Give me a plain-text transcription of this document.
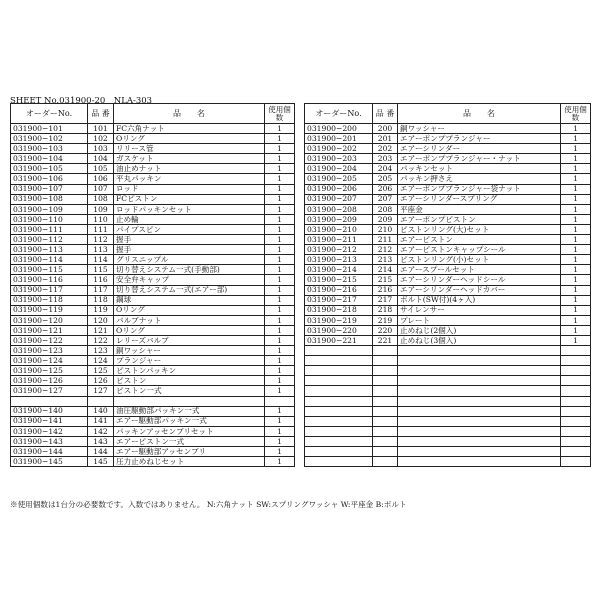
SHEET No.031900-20　NLA-303
オーダーNo.	品 番	品　　名	使用個数
031900−101	101	FC六角ナット	1
031900−102	102	Oリング	1
031900−103	103	リリース管	1
031900−104	104	ガスケット	1
031900−105	105	油止めナット	1
031900−106	106	平丸パッキン	1
031900−107	107	ロッド	1
031900−108	108	FCピストン	1
031900−109	109	ロッドパッキンセット	1
031900−110	110	止め輪	1
031900−111	111	パイプスピン	1
031900−112	112	握手	1
031900−113	113	握手	1
031900−114	114	グリスニップル	1
031900−115	115	切り替えシステム一式(手動部)	1
031900−116	116	安全弁キャップ	1
031900−117	117	切り替えシステム一式(エアー部)	1
031900−118	118	鋼球	1
031900−119	119	Oリング	1
031900−120	120	バルブナット	1
031900−121	121	Oリング	1
031900−122	122	レリーズバルブ	1
031900−123	123	銅ワッシャー	1
031900−124	124	プランジャー	1
031900−125	125	ピストンパッキン	1
031900−126	126	ピストン	1
031900−127	127	ピストン一式	1

031900−140	140	油圧駆動部パッキン一式	1
031900−141	141	エアー駆動部パッキン一式	1
031900−142	142	パッキンアッセンブリセット	1
031900−143	143	エアーピストン一式	1
031900−144	144	エアー駆動部アッセンブリ	1
031900−145	145	圧力止めねじセット	1
オーダーNo.	品 番	品　　名	使用個数
031900−200	200	銅ワッシャー	1
031900−201	201	エアーポンププランジャー	1
031900−202	202	エアーシリンダー	1
031900−203	203	エアーポンププランジャー・ナット	1
031900−204	204	パッキンセット	1
031900−205	205	パッキン押さえ	1
031900−206	206	エアーポンププランジャー袋ナット	1
031900−207	207	エアーシリンダースプリング	1
031900−208	208	平座金	1
031900−209	209	エアーポンプピストン	1
031900−210	210	ピストンリング(大)セット	1
031900−211	211	エアーピストン	1
031900−212	212	エアーピストンキャップシール	1
031900−213	213	ピストンリング(小)セット	1
031900−214	214	エアースプールセット	1
031900−215	215	エアーシリンダーヘッドシール	1
031900−216	216	エアーシリンダーヘッドカバー	1
031900−217	217	ボルト(SW付)(4ヶ入)	1
031900−218	218	サイレンサー	1
031900−219	219	プレート	1
031900−220	220	止めねじ(2個入)	1
031900−221	221	止めねじ(3個入)	1

※使用個数は1台分の必要数です。入数ではありません。 N:六角ナット SW:スプリングワッシャ W:平座金 B:ボルト
